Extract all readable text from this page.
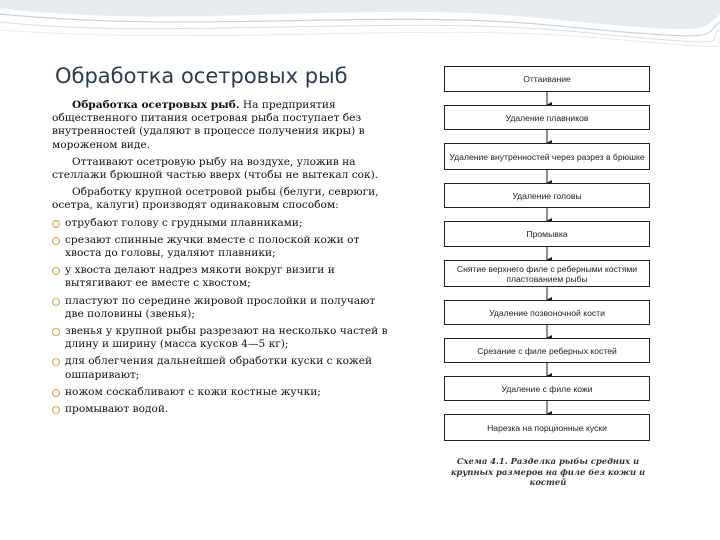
Обработка осетровых рыб

Обработка осетровых рыб. На предприятия общественного питания осетровая рыба поступает без внутренностей (удаляют в процессе получения икры) в мороженом виде.

Оттаивают осетровую рыбу на воздухе, уложив на стеллажи брюшной частью вверх (чтобы не вытекал сок).

Обработку крупной осетровой рыбы (белуги, севрюги, осетра, калуги) производят одинаковым способом:

отрубают голову с грудными плавниками;
срезают спинные жучки вместе с полоской кожи от хвоста до головы, удаляют плавники;
у хвоста делают надрез мякоти вокруг визиги и вытягивают ее вместе с хвостом;
пластуют по середине жировой прослойки и получают две половины (звенья);
звенья у крупной рыбы разрезают на несколько частей в длину и ширину (масса кусков 4—5 кг);
для облегчения дальнейшей обработки куски с кожей ошпаривают;
ножом соскабливают с кожи костные жучки;
промывают водой.
Оттаивание
Удаление плавников
Удаление внутренностей через разрез в брюшке
Удаление головы
Промывка
Снятие верхнего филе с реберными костями пластованием рыбы
Удаление позвоночной кости
Срезание с филе реберных костей
Удаление с филе кожи
Нарезка на порционные куски

Схема 4.1. Разделка рыбы средних и крупных размеров на филе без кожи и костей
